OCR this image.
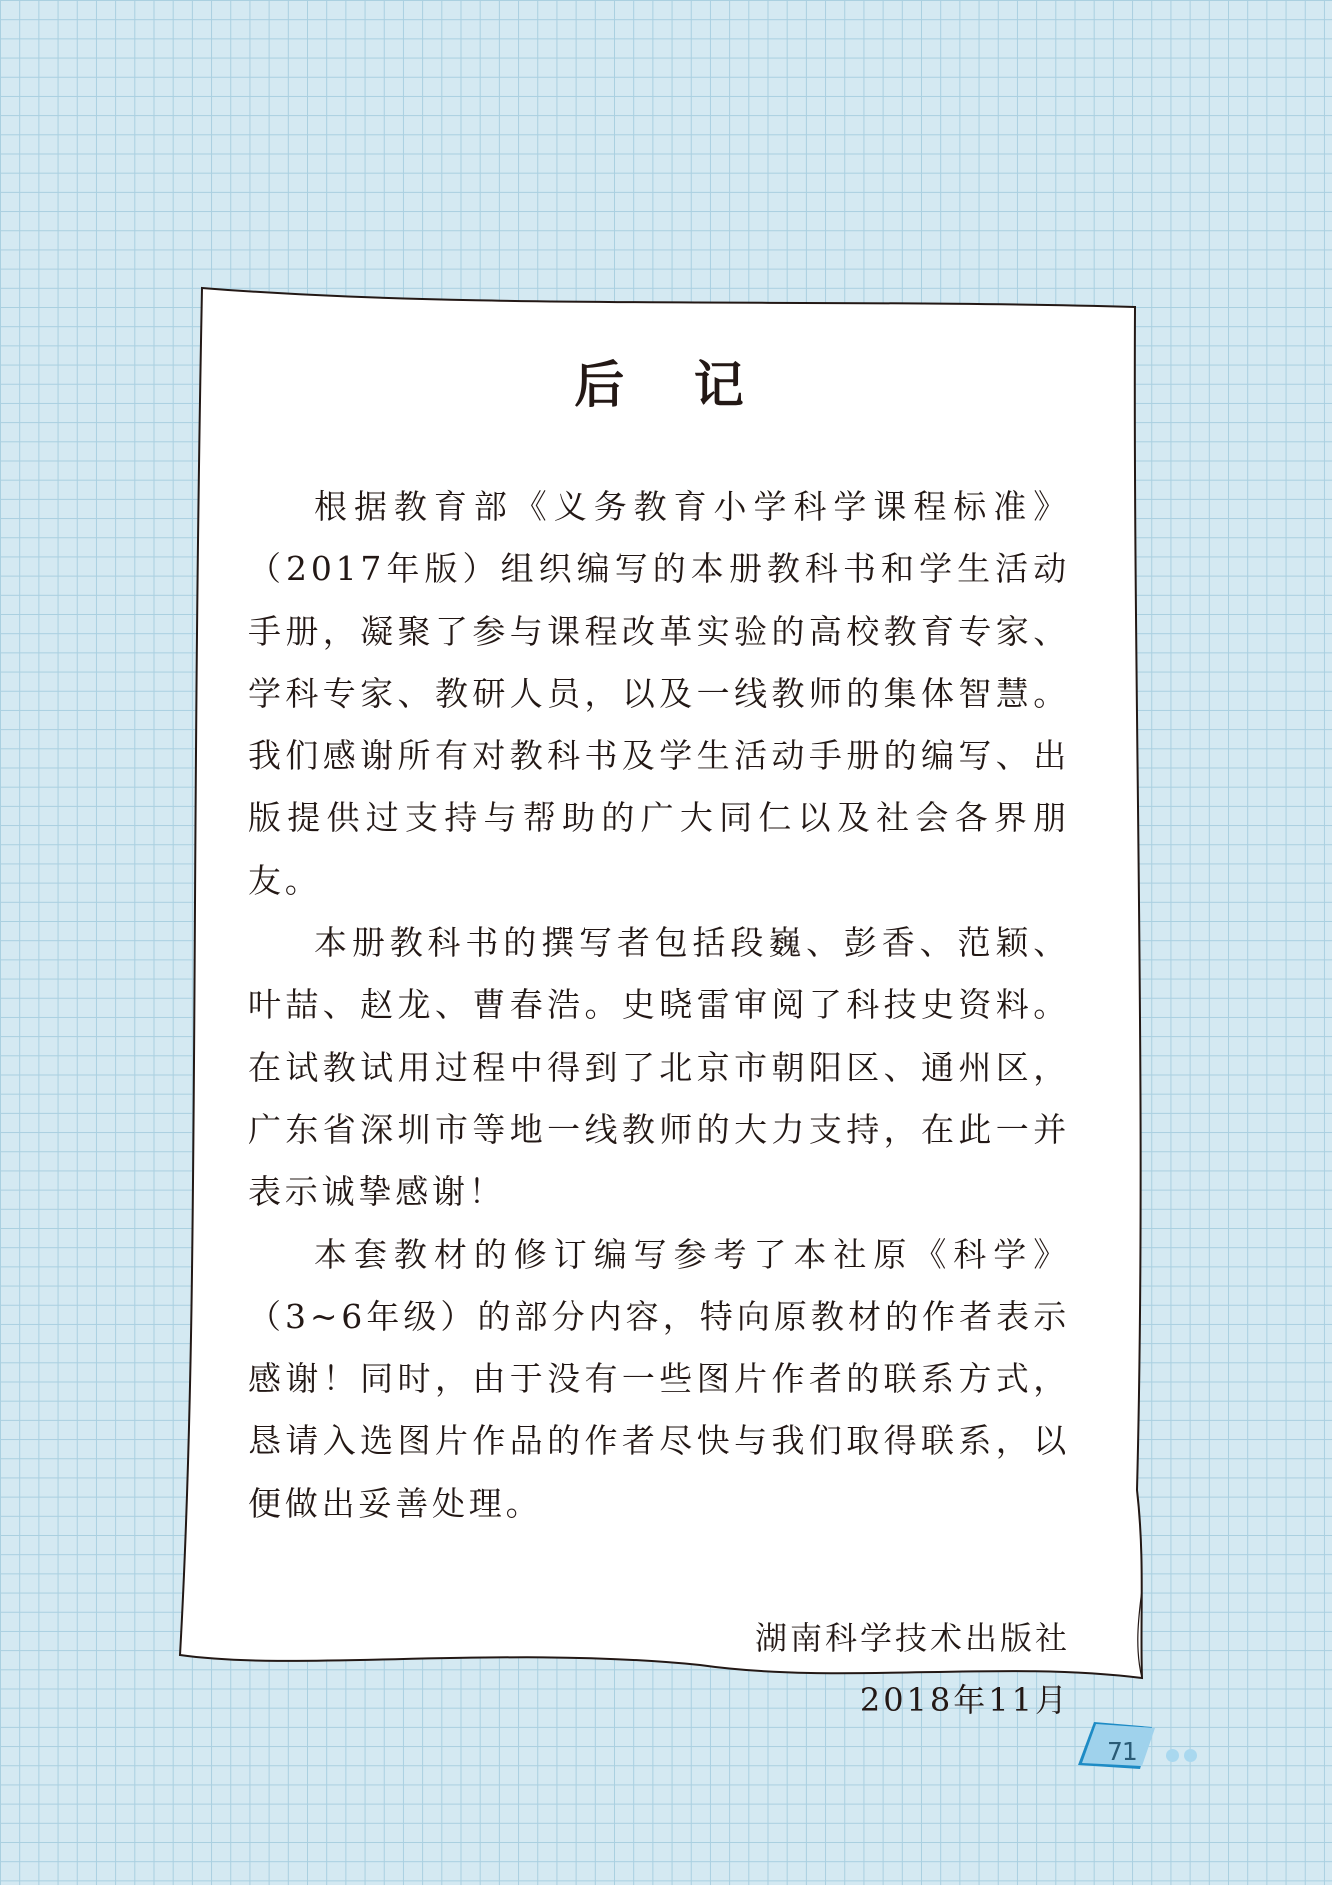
后 记

根据教育部《义务教育小学科学课程标准》（2017年版）组织编写的本册教科书和学生活动手册，凝聚了参与课程改革实验的高校教育专家、学科专家、教研人员，以及一线教师的集体智慧。我们感谢所有对教科书及学生活动手册的编写、出版提供过支持与帮助的广大同仁以及社会各界朋友。

本册教科书的撰写者包括段巍、彭香、范颖、叶喆、赵龙、曹春浩。史晓雷审阅了科技史资料。在试教试用过程中得到了北京市朝阳区、通州区，广东省深圳市等地一线教师的大力支持，在此一并表示诚挚感谢！

本套教材的修订编写参考了本社原《科学》（3~6年级）的部分内容，特向原教材的作者表示感谢！同时，由于没有一些图片作者的联系方式，恳请入选图片作品的作者尽快与我们取得联系，以便做出妥善处理。

湖南科学技术出版社
2018年11月
71
